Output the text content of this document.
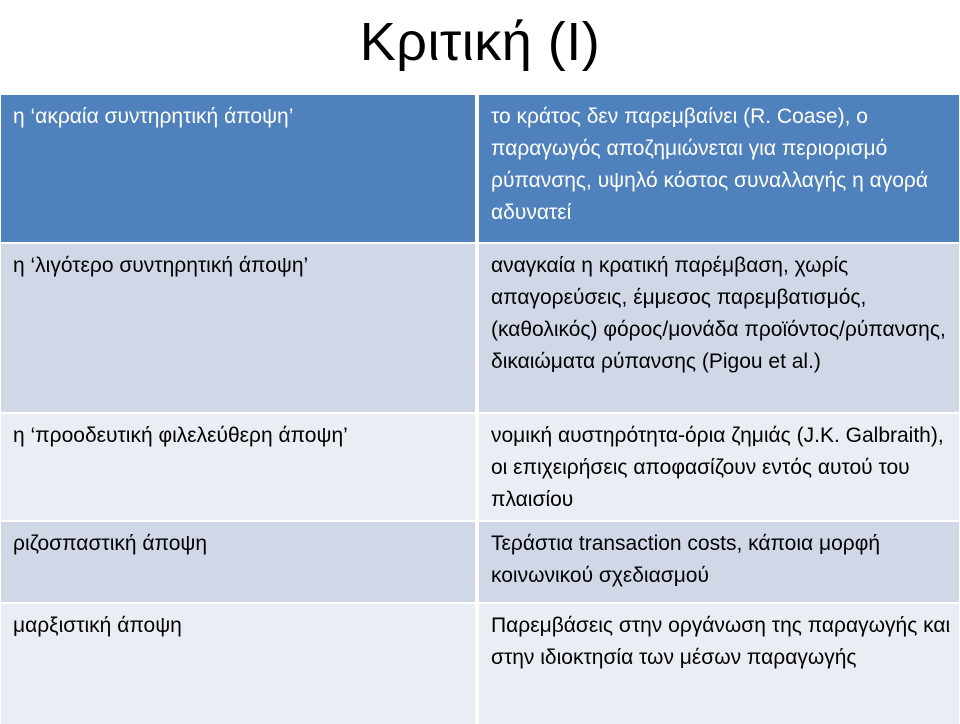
Κριτική (Ι)
η ‘ακραία συντηρητική άποψη’	το κράτος δεν παρεμβαίνει (R. Coase), ο παραγωγός αποζημιώνεται για περιορισμό ρύπανσης, υψηλό κόστος συναλλαγής η αγορά αδυνατεί
η ‘λιγότερο συντηρητική άποψη’	αναγκαία η κρατική παρέμβαση, χωρίς απαγορεύσεις, έμμεσος παρεμβατισμός, (καθολικός) φόρος/μονάδα προϊόντος/ρύπανσης, δικαιώματα ρύπανσης (Pigou et al.)
η ‘προοδευτική φιλελεύθερη άποψη’	νομική αυστηρότητα-όρια ζημιάς (J.K. Galbraith), οι επιχειρήσεις αποφασίζουν εντός αυτού του πλαισίου
ριζοσπαστική άποψη	Τεράστια transaction costs, κάποια μορφή κοινωνικού σχεδιασμού
μαρξιστική άποψη	Παρεμβάσεις στην οργάνωση της παραγωγής και στην ιδιοκτησία των μέσων παραγωγής
